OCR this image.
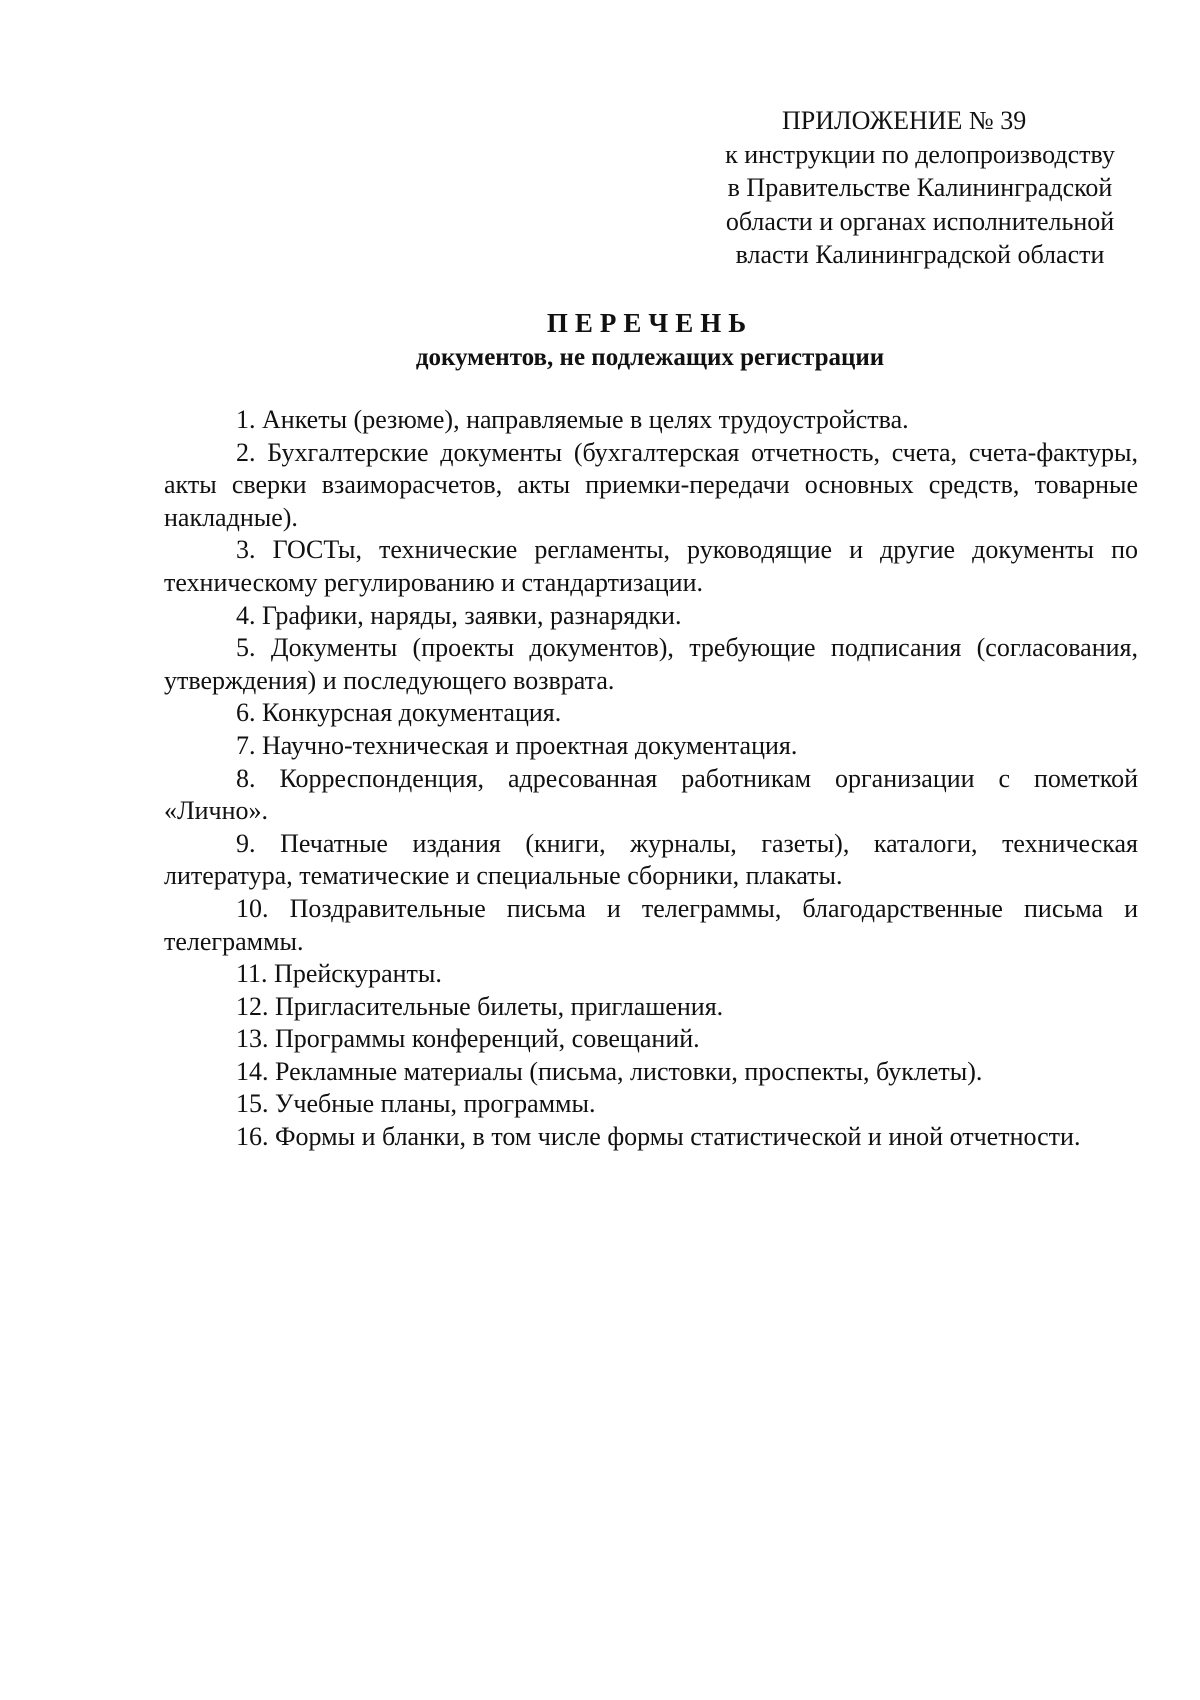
ПРИЛОЖЕНИЕ № 39
к инструкции по делопроизводству
в Правительстве Калининградской
области и органах исполнительной
власти Калининградской области
ПЕРЕЧЕНЬ
документов, не подлежащих регистрации

1. Анкеты (резюме), направляемые в целях трудоустройства.

2. Бухгалтерские документы (бухгалтерская отчетность, счета, счета-фактуры, акты сверки взаиморасчетов, акты приемки-передачи основных средств, товарные накладные).

3. ГОСТы, технические регламенты, руководящие и другие документы по техническому регулированию и стандартизации.

4. Графики, наряды, заявки, разнарядки.

5. Документы (проекты документов), требующие подписания (согласования, утверждения) и последующего возврата.

6. Конкурсная документация.

7. Научно-техническая и проектная документация.

8. Корреспонденция, адресованная работникам организации с пометкой «Лично».

9. Печатные издания (книги, журналы, газеты), каталоги, техническая литература, тематические и специальные сборники, плакаты.

10. Поздравительные письма и телеграммы, благодарственные письма и телеграммы.

11. Прейскуранты.

12. Пригласительные билеты, приглашения.

13. Программы конференций, совещаний.

14. Рекламные материалы (письма, листовки, проспекты, буклеты).

15. Учебные планы, программы.

16. Формы и бланки, в том числе формы статистической и иной отчетности.
